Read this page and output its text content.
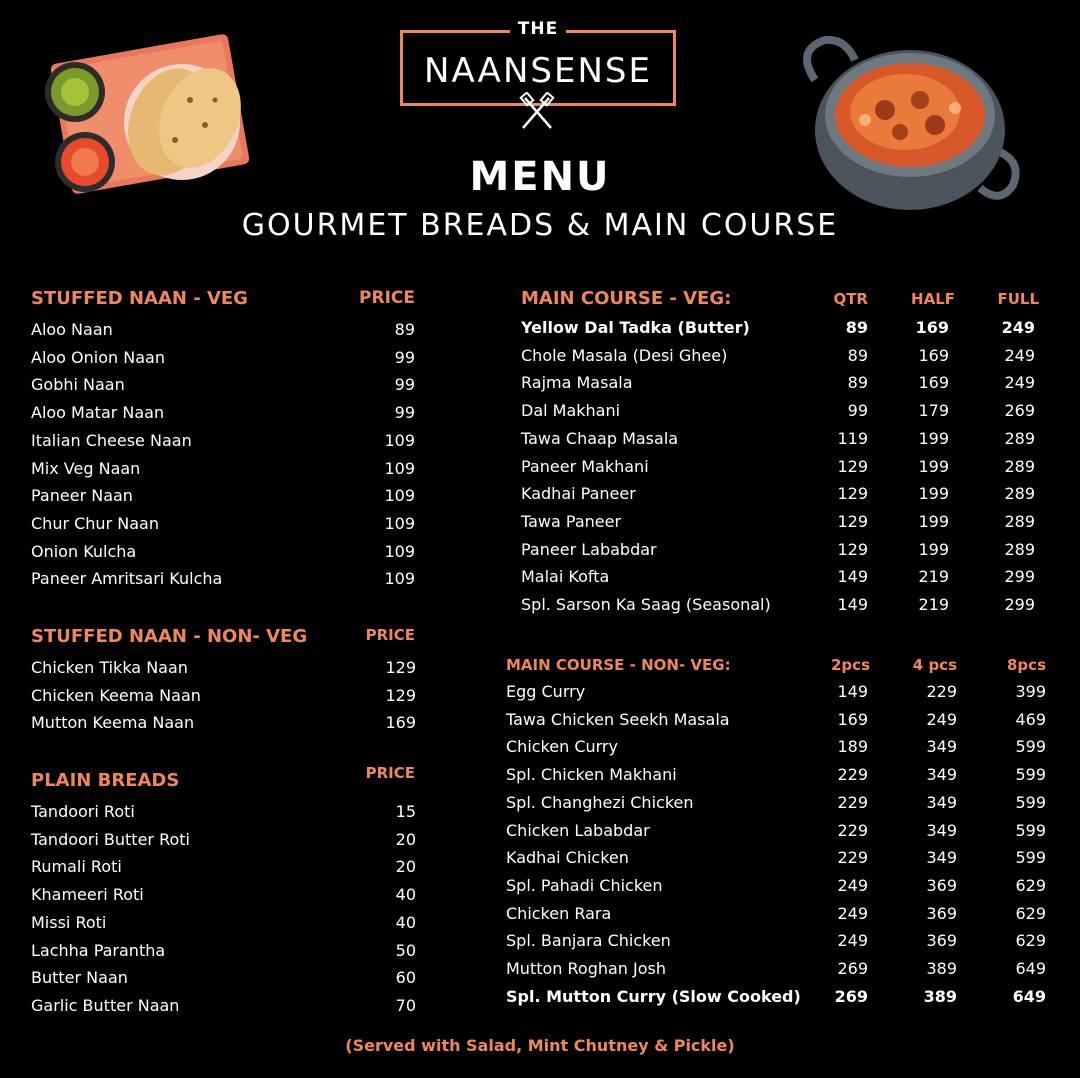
THE
NAANSENSE
MENU
GOURMET BREADS & MAIN COURSE
STUFFED NAAN - VEG	PRICE
Aloo Naan	89
Aloo Onion Naan	99
Gobhi Naan	99
Aloo Matar Naan	99
Italian Cheese Naan	109
Mix Veg Naan	109
Paneer Naan	109
Chur Chur Naan	109
Onion Kulcha	109
Paneer Amritsari Kulcha	109
STUFFED NAAN - NON- VEG	PRICE
Chicken Tikka Naan	129
Chicken Keema Naan	129
Mutton Keema Naan	169
PLAIN BREADS	PRICE
Tandoori Roti	15
Tandoori Butter Roti	20
Rumali Roti	20
Khameeri Roti	40
Missi Roti	40
Lachha Parantha	50
Butter Naan	60
Garlic Butter Naan	70
MAIN COURSE - VEG:	QTR	HALF	FULL
Yellow Dal Tadka (Butter)	89	169	249
Chole Masala (Desi Ghee)	89	169	249
Rajma Masala	89	169	249
Dal Makhani	99	179	269
Tawa Chaap Masala	119	199	289
Paneer Makhani	129	199	289
Kadhai Paneer	129	199	289
Tawa Paneer	129	199	289
Paneer Lababdar	129	199	289
Malai Kofta	149	219	299
Spl. Sarson Ka Saag (Seasonal)	149	219	299
MAIN COURSE - NON- VEG:	2pcs	4 pcs	8pcs
Egg Curry	149	229	399
Tawa Chicken Seekh Masala	169	249	469
Chicken Curry	189	349	599
Spl. Chicken Makhani	229	349	599
Spl. Changhezi Chicken	229	349	599
Chicken Lababdar	229	349	599
Kadhai Chicken	229	349	599
Spl. Pahadi Chicken	249	369	629
Chicken Rara	249	369	629
Spl. Banjara Chicken	249	369	629
Mutton Roghan Josh	269	389	649
Spl. Mutton Curry (Slow Cooked)	269	389	649
(Served with Salad, Mint Chutney & Pickle)
